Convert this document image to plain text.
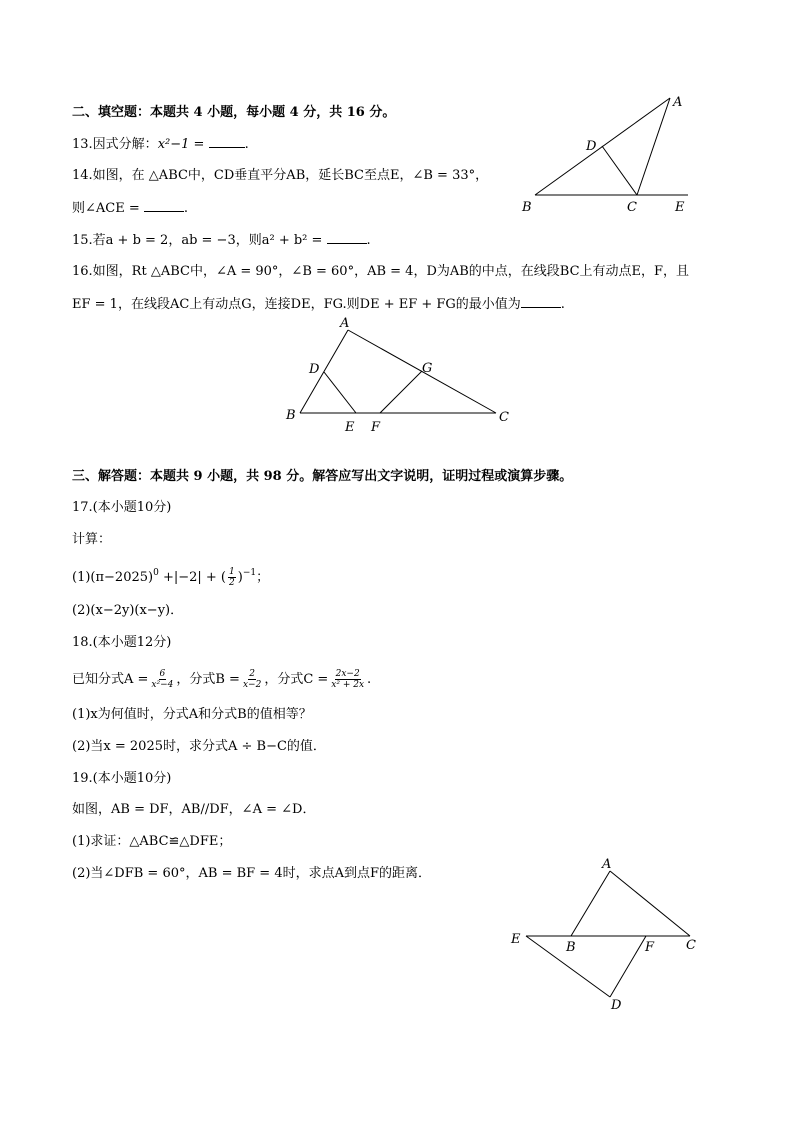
二、填空题：本题共 4 小题，每小题 4 分，共 16 分。
13.因式分解：x²−1 =	.
14.如图，在 △ABC中，CD垂直平分AB，延长BC至点E，∠B = 33°，
则∠ACE =	.
A
D
B	C	E
15.若a + b = 2，ab = −3，则a² + b² =	.
16.如图，Rt △ABC中，∠A = 90°，∠B = 60°，AB = 4，D为AB的中点，在线段BC上有动点E，F，且
EF = 1，在线段AC上有动点G，连接DE，FG.则DE + EF + FG的最小值为	.
A
D	G
B
E F
C
三、解答题：本题共 9 小题，共 98 分。解答应写出文字说明，证明过程或演算步骤。
17.(本小题10分)
计算：
$(1)(\pi-2025)^0 +|-2|$ + ( $\frac{1}{2} )^{-1}$；
(2)(x−2y)(x−y)．
18.(本小题12分)
已知分式$A = \frac{6}{\text{x²−4}}$ ，分式$B = \frac{2}{x-2}$ ，分式$C = \frac{2x-2}{\text{x² + 2x}}$ .
(1)x为何值时，分式A和分式B的值相等？
(2)当x = 2025时，求分式A ÷ B−C的值．
19.(本小题10分)
如图，AB = DF，AB//DF，∠A = ∠D．
(1)求证：△ABC≌△DFE；
(2)当∠DFB = 60°，AB = BF = 4时，求点A到点F的距离．
A
E
B	F C
D
